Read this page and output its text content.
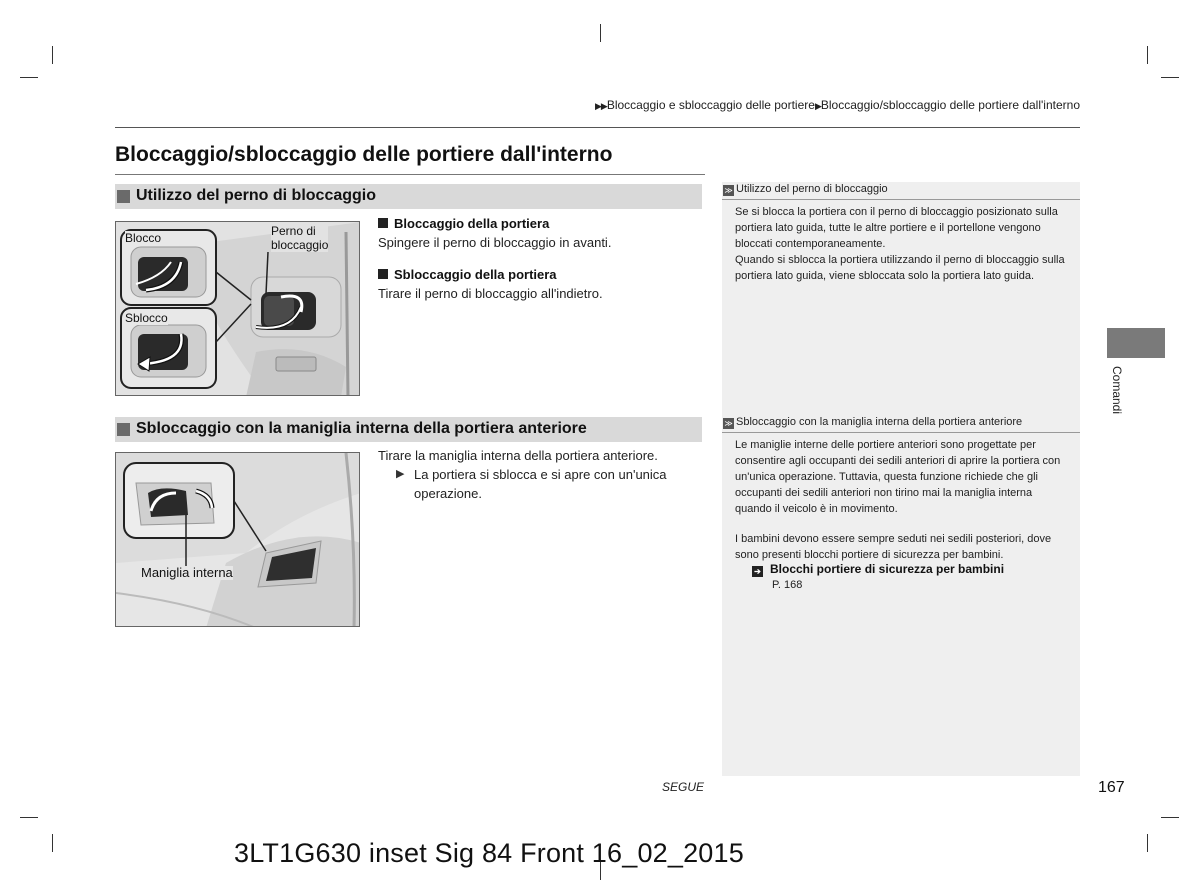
▶▶Bloccaggio e sbloccaggio delle portiere▶Bloccaggio/sbloccaggio delle portiere dall'interno
Bloccaggio/sbloccaggio delle portiere dall'interno
Utilizzo del perno di bloccaggio
Blocco	Perno di
bloccaggio
Sblocco
Bloccaggio della portiera
Spingere il perno di bloccaggio in avanti.
Sbloccaggio della portiera
Tirare il perno di bloccaggio all'indietro.
Sbloccaggio con la maniglia interna della portiera anteriore
Maniglia interna
Tirare la maniglia interna della portiera anteriore.
▶ La portiera si sblocca e si apre con un'unica operazione.
≫ Utilizzo del perno di bloccaggio
Se si blocca la portiera con il perno di bloccaggio posizionato sulla portiera lato guida, tutte le altre portiere e il portellone vengono bloccati contemporaneamente.
Quando si sblocca la portiera utilizzando il perno di bloccaggio sulla portiera lato guida, viene sbloccata solo la portiera lato guida.
≫ Sbloccaggio con la maniglia interna della portiera anteriore
Le maniglie interne delle portiere anteriori sono progettate per consentire agli occupanti dei sedili anteriori di aprire la portiera con un'unica operazione. Tuttavia, questa funzione richiede che gli occupanti dei sedili anteriori non tirino mai la maniglia interna quando il veicolo è in movimento.
I bambini devono essere sempre seduti nei sedili posteriori, dove sono presenti blocchi portiere di sicurezza per bambini.
➔ Blocchi portiere di sicurezza per bambini
P. 168
Comandi
SEGUE	167
3LT1G630 inset Sig 84 Front 16_02_2015
